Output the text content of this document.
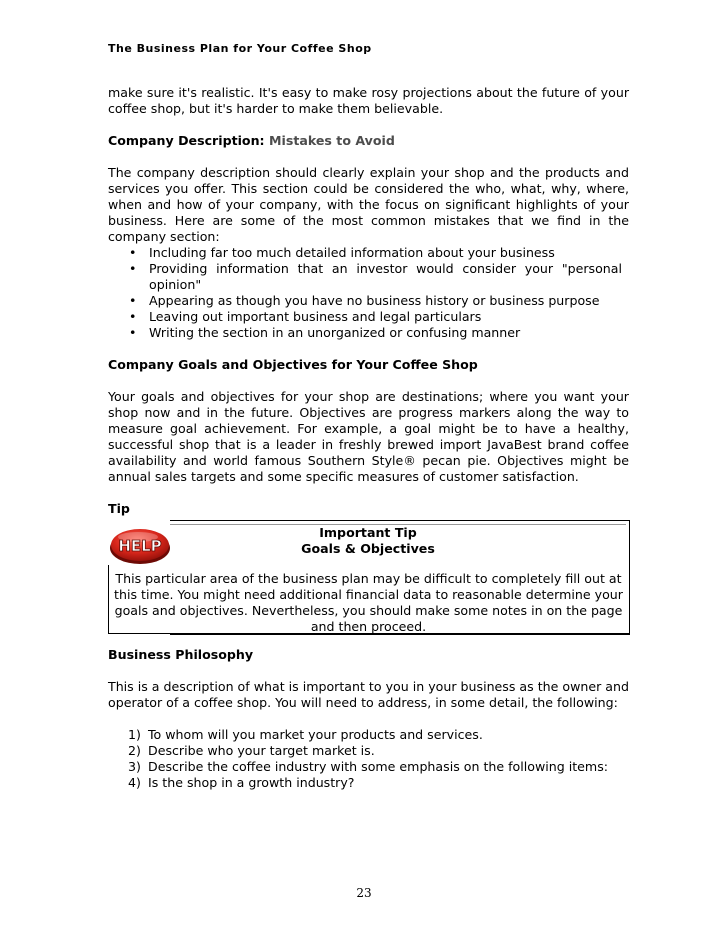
The Business Plan for Your Coffee Shop

make sure it's realistic. It's easy to make rosy projections about the future of your coffee shop, but it's harder to make them believable.

Company Description: Mistakes to Avoid

The company description should clearly explain your shop and the products and services you offer. This section could be considered the who, what, why, where, when and how of your company, with the focus on significant highlights of your business. Here are some of the most common mistakes that we find in the company section:

• Including far too much detailed information about your business
• Providing information that an investor would consider your "personal opinion"
• Appearing as though you have no business history or business purpose
• Leaving out important business and legal particulars
• Writing the section in an unorganized or confusing manner

Company Goals and Objectives for Your Coffee Shop

Your goals and objectives for your shop are destinations; where you want your shop now and in the future. Objectives are progress markers along the way to measure goal achievement. For example, a goal might be to have a healthy, successful shop that is a leader in freshly brewed import JavaBest brand coffee availability and world famous Southern Style® pecan pie. Objectives might be annual sales targets and some specific measures of customer satisfaction.

Tip

HELP
Important Tip
Goals & Objectives
This particular area of the business plan may be difficult to completely fill out at this time. You might need additional financial data to reasonable determine your goals and objectives. Nevertheless, you should make some notes in on the page and then proceed.

Business Philosophy

This is a description of what is important to you in your business as the owner and operator of a coffee shop. You will need to address, in some detail, the following:

1) To whom will you market your products and services.
2) Describe who your target market is.
3) Describe the coffee industry with some emphasis on the following items:
4) Is the shop in a growth industry?
23
